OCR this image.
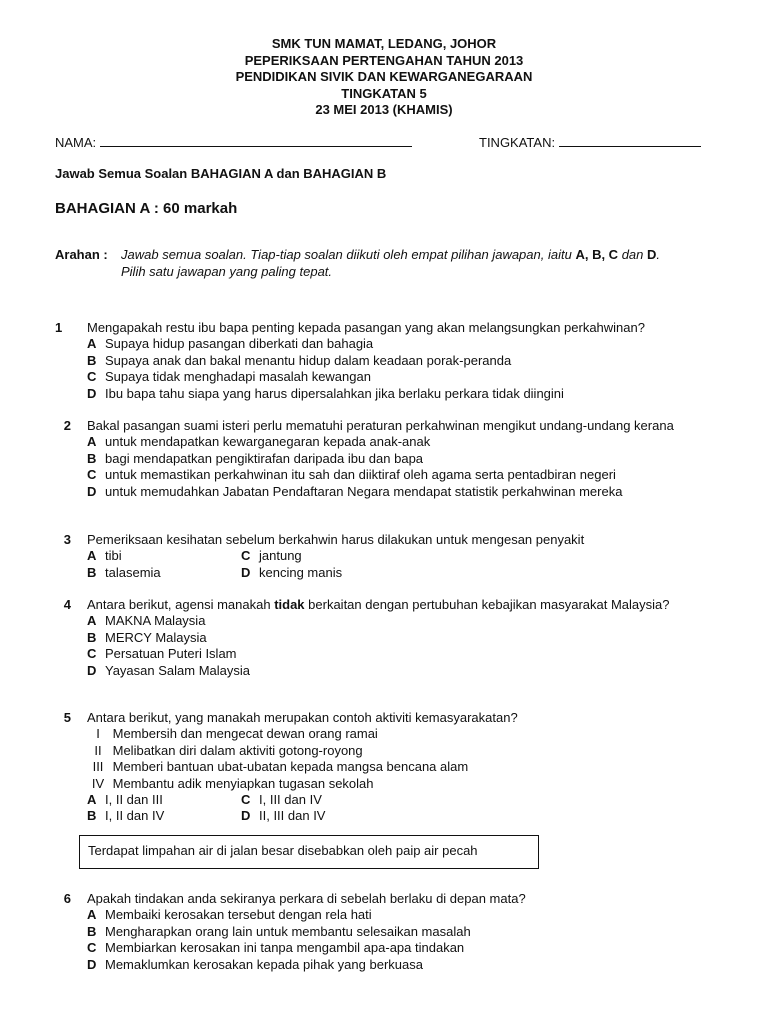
SMK TUN MAMAT, LEDANG, JOHOR
PEPERIKSAAN PERTENGAHAN TAHUN 2013
PENDIDIKAN SIVIK DAN KEWARGANEGARAAN
TINGKATAN 5
23 MEI 2013 (KHAMIS)
NAMA:	TINGKATAN:
Jawab Semua Soalan BAHAGIAN A dan BAHAGIAN B
BAHAGIAN A : 60 markah
Arahan : Jawab semua soalan. Tiap-tiap soalan diikuti oleh empat pilihan jawapan, iaitu A, B, C dan D.
Pilih satu jawapan yang paling tepat.
1	Mengapakah restu ibu bapa penting kepada pasangan yang akan melangsungkan perkahwinan?
A Supaya hidup pasangan diberkati dan bahagia
B Supaya anak dan bakal menantu hidup dalam keadaan porak-peranda
C Supaya tidak menghadapi masalah kewangan
D Ibu bapa tahu siapa yang harus dipersalahkan jika berlaku perkara tidak diingini
2 Bakal pasangan suami isteri perlu mematuhi peraturan perkahwinan mengikut undang-undang kerana
A untuk mendapatkan kewarganegaran kepada anak-anak
B bagi mendapatkan pengiktirafan daripada ibu dan bapa
C untuk memastikan perkahwinan itu sah dan diiktiraf oleh agama serta pentadbiran negeri
D untuk memudahkan Jabatan Pendaftaran Negara mendapat statistik perkahwinan mereka
3 Pemeriksaan kesihatan sebelum berkahwin harus dilakukan untuk mengesan penyakit
A tibi	C jantung
B talasemia	D kencing manis
4 Antara berikut, agensi manakah tidak berkaitan dengan pertubuhan kebajikan masyarakat Malaysia?
A MAKNA Malaysia
B MERCY Malaysia
C Persatuan Puteri Islam
D Yayasan Salam Malaysia
5 Antara berikut, yang manakah merupakan contoh aktiviti kemasyarakatan?
I Membersih dan mengecat dewan orang ramai
II Melibatkan diri dalam aktiviti gotong-royong
III Memberi bantuan ubat-ubatan kepada mangsa bencana alam
IV Membantu adik menyiapkan tugasan sekolah
A I, II dan III	C I, III dan IV
B I, II dan IV	D II, III dan IV
Terdapat limpahan air di jalan besar disebabkan oleh paip air pecah
6 Apakah tindakan anda sekiranya perkara di sebelah berlaku di depan mata?
A Membaiki kerosakan tersebut dengan rela hati
B Mengharapkan orang lain untuk membantu selesaikan masalah
C Membiarkan kerosakan ini tanpa mengambil apa-apa tindakan
D Memaklumkan kerosakan kepada pihak yang berkuasa
